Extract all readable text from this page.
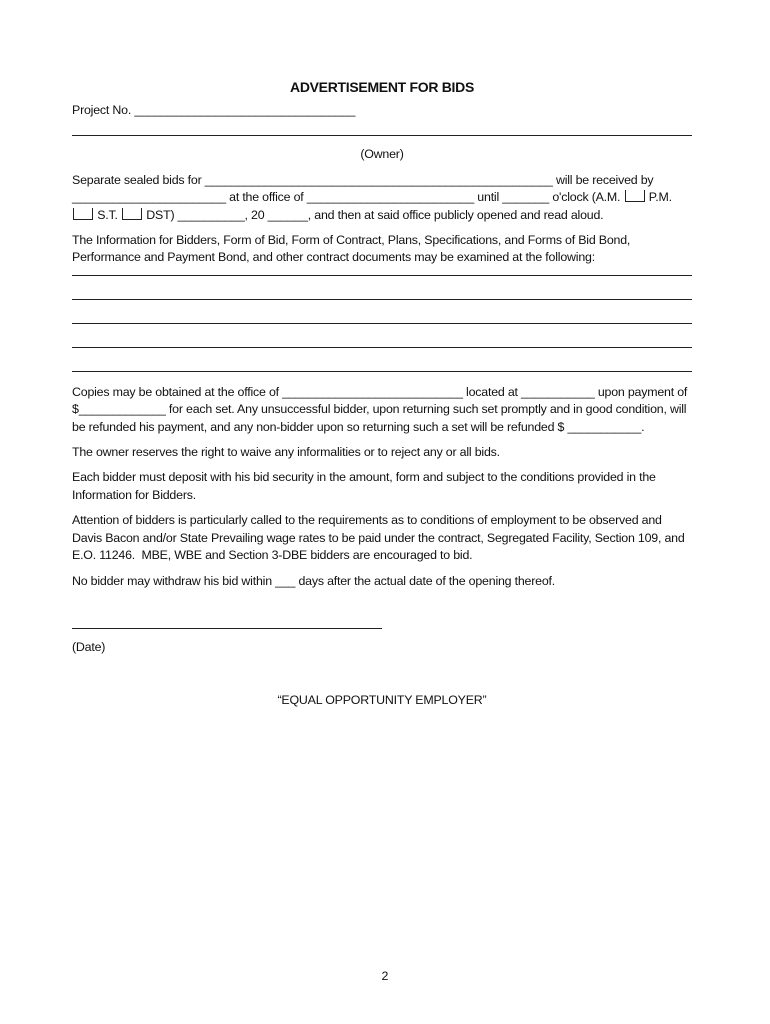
ADVERTISEMENT FOR BIDS

Project No. _________________________________

(Owner)

Separate sealed bids for ____________________________________________________ will be received by _______________________ at the office of _________________________ until _______ o'clock (A.M.  P.M. S.T.  DST) __________, 20 ______, and then at said office publicly opened and read aloud.

The Information for Bidders, Form of Bid, Form of Contract, Plans, Specifications, and Forms of Bid Bond, Performance and Payment Bond, and other contract documents may be examined at the following:

Copies may be obtained at the office of ___________________________ located at ___________ upon payment of $_____________ for each set. Any unsuccessful bidder, upon returning such set promptly and in good condition, will be refunded his payment, and any non-bidder upon so returning such a set will be refunded $ ___________.

The owner reserves the right to waive any informalities or to reject any or all bids.

Each bidder must deposit with his bid security in the amount, form and subject to the conditions provided in the Information for Bidders.

Attention of bidders is particularly called to the requirements as to conditions of employment to be observed and Davis Bacon and/or State Prevailing wage rates to be paid under the contract, Segregated Facility, Section 109, and E.O. 11246.  MBE, WBE and Section 3-DBE bidders are encouraged to bid.

No bidder may withdraw his bid within ___ days after the actual date of the opening thereof.

(Date)

“EQUAL OPPORTUNITY EMPLOYER”

2
